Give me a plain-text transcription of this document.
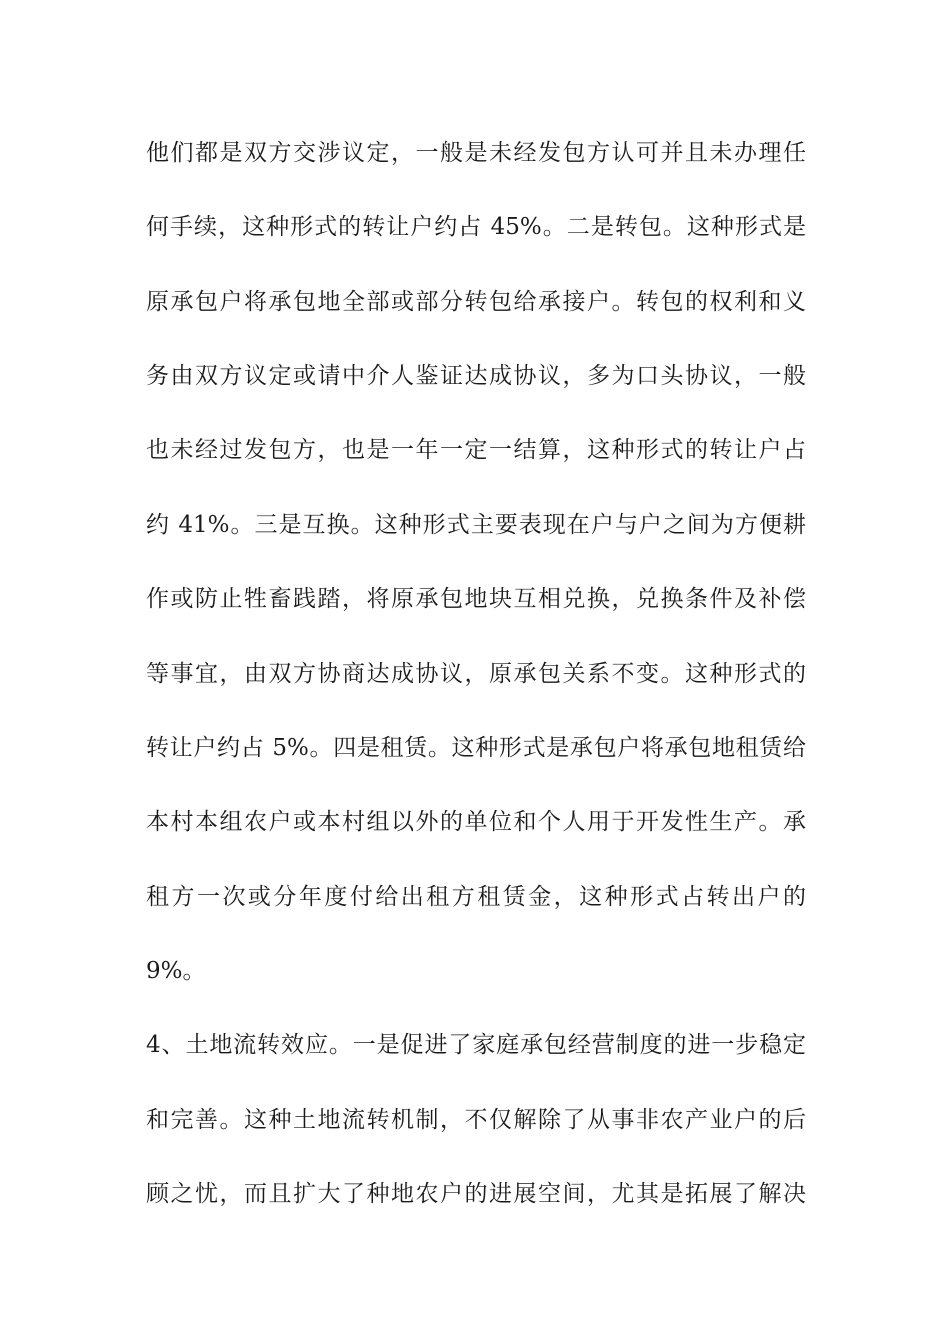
他们都是双方交涉议定，一般是未经发包方认可并且未办理任
何手续，这种形式的转让户约占 45%。二是转包。这种形式是
原承包户将承包地全部或部分转包给承接户。转包的权利和义
务由双方议定或请中介人鉴证达成协议，多为口头协议，一般
也未经过发包方，也是一年一定一结算，这种形式的转让户占
约 41%。三是互换。这种形式主要表现在户与户之间为方便耕
作或防止牲畜践踏，将原承包地块互相兑换，兑换条件及补偿
等事宜，由双方协商达成协议，原承包关系不变。这种形式的
转让户约占 5%。四是租赁。这种形式是承包户将承包地租赁给
本村本组农户或本村组以外的单位和个人用于开发性生产。承
租方一次或分年度付给出租方租赁金，这种形式占转出户的
9%。
4、土地流转效应。一是促进了家庭承包经营制度的进一步稳定
和完善。这种土地流转机制，不仅解除了从事非农产业户的后
顾之忧，而且扩大了种地农户的进展空间，尤其是拓展了解决
